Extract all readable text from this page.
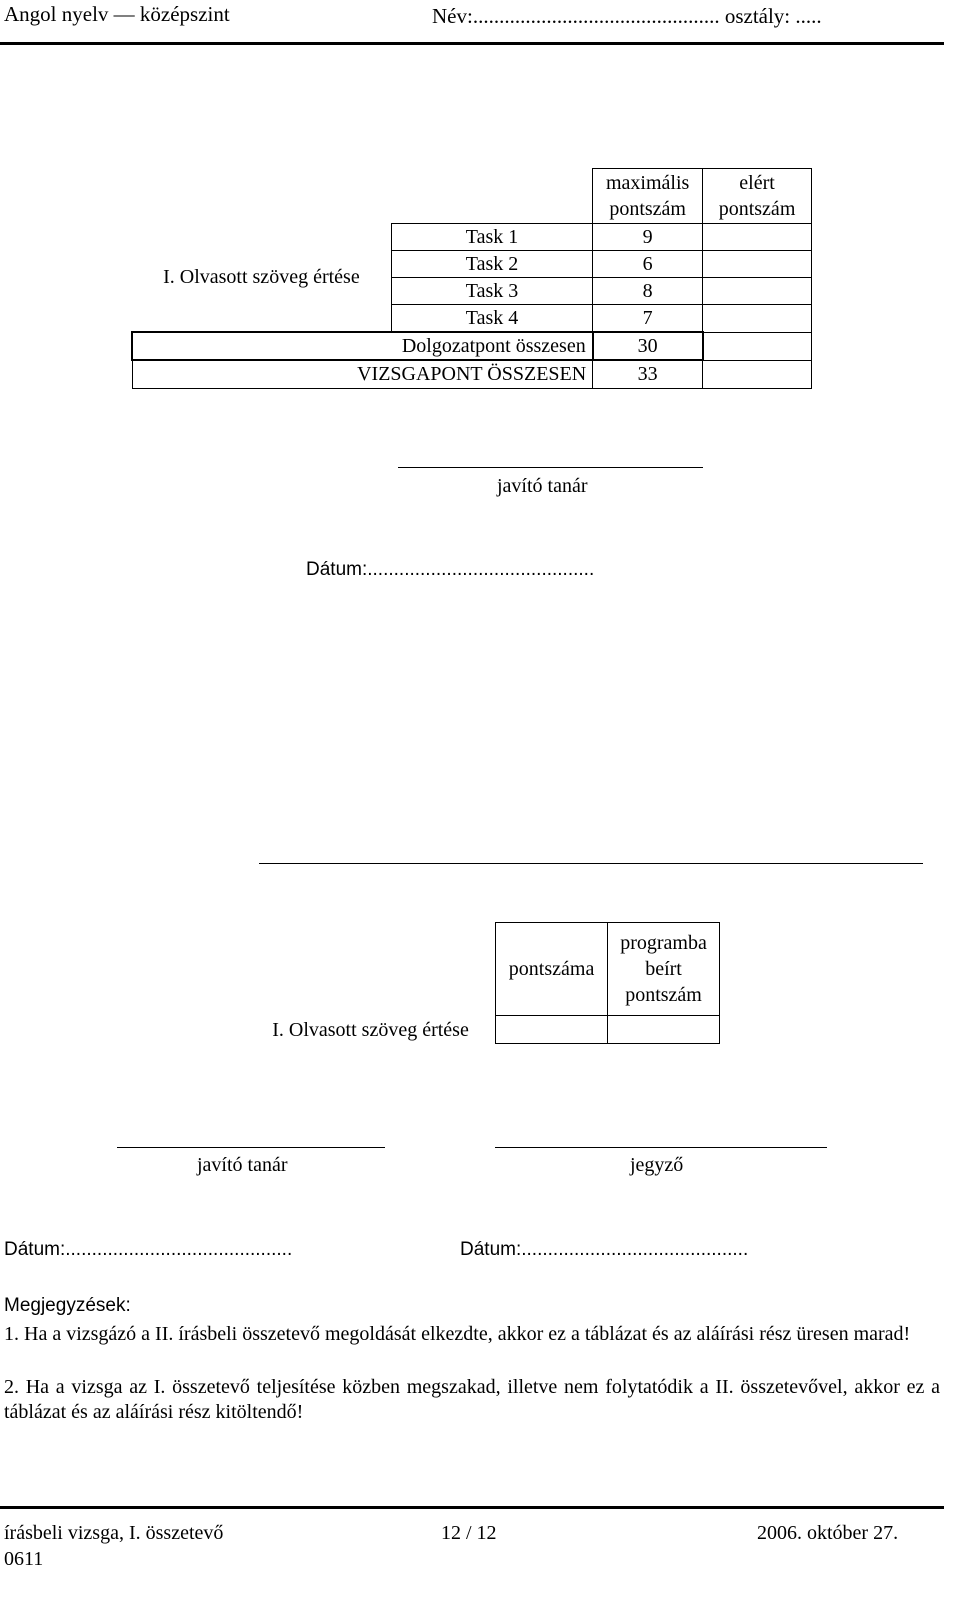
Angol nyelv — középszint	Név:............................................... osztály: .....
		maximális pontszám	elért pontszám
I. Olvasott szöveg értése	Task 1	9	
	Task 2	6	
	Task 3	8	
	Task 4	7	
Dolgozatpont összesen		30	
VIZSGAPONT ÖSSZESEN		33	
javító tanár
Dátum:...........................................
	pontszáma	programba beírt pontszám
I. Olvasott szöveg értése		
javító tanár	jegyző
Dátum:...........................................	Dátum:...........................................
Megjegyzések:
1. Ha a vizsgázó a II. írásbeli összetevő megoldását elkezdte, akkor ez a táblázat és az aláírási rész üresen marad!
2. Ha a vizsga az I. összetevő teljesítése közben megszakad, illetve nem folytatódik a II. összetevővel, akkor ez a táblázat és az aláírási rész kitöltendő!
írásbeli vizsga, I. összetevő
0611
12 / 12	2006. október 27.
